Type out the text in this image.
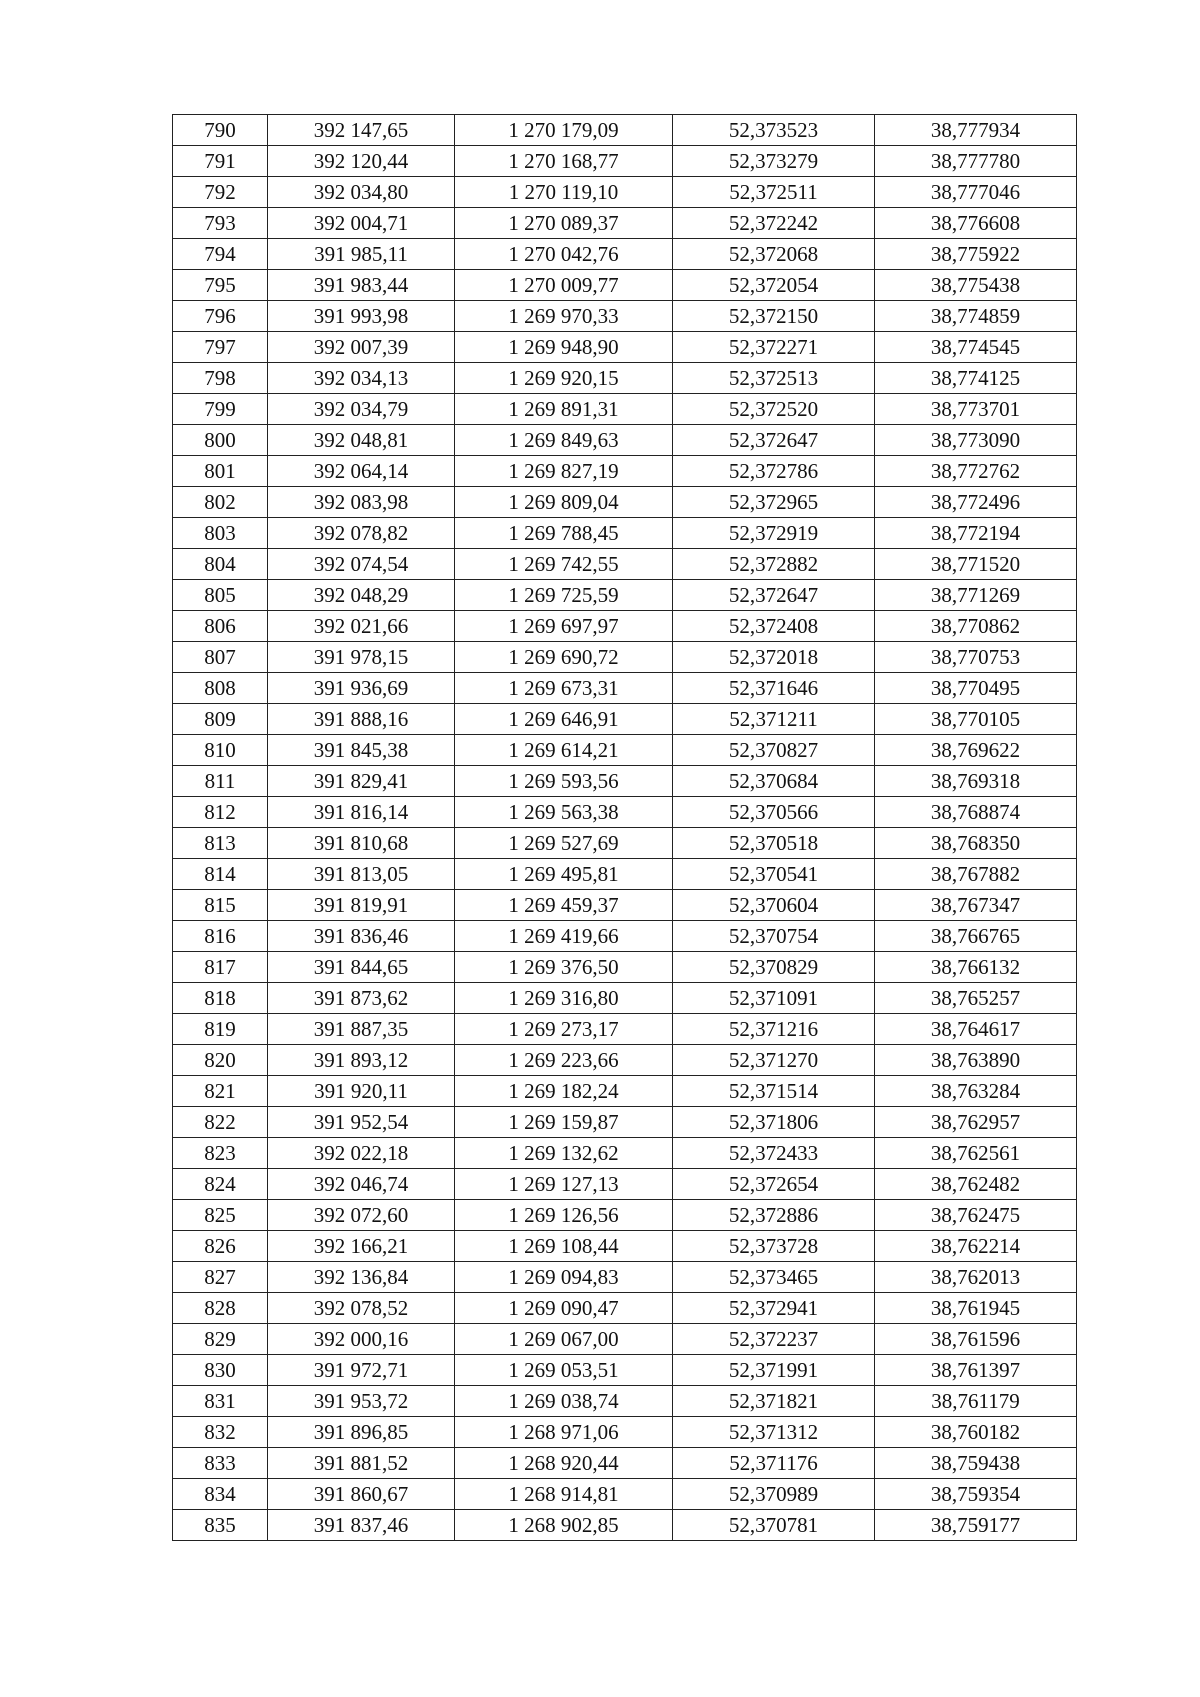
790	392 147,65	1 270 179,09	52,373523	38,777934
791	392 120,44	1 270 168,77	52,373279	38,777780
792	392 034,80	1 270 119,10	52,372511	38,777046
793	392 004,71	1 270 089,37	52,372242	38,776608
794	391 985,11	1 270 042,76	52,372068	38,775922
795	391 983,44	1 270 009,77	52,372054	38,775438
796	391 993,98	1 269 970,33	52,372150	38,774859
797	392 007,39	1 269 948,90	52,372271	38,774545
798	392 034,13	1 269 920,15	52,372513	38,774125
799	392 034,79	1 269 891,31	52,372520	38,773701
800	392 048,81	1 269 849,63	52,372647	38,773090
801	392 064,14	1 269 827,19	52,372786	38,772762
802	392 083,98	1 269 809,04	52,372965	38,772496
803	392 078,82	1 269 788,45	52,372919	38,772194
804	392 074,54	1 269 742,55	52,372882	38,771520
805	392 048,29	1 269 725,59	52,372647	38,771269
806	392 021,66	1 269 697,97	52,372408	38,770862
807	391 978,15	1 269 690,72	52,372018	38,770753
808	391 936,69	1 269 673,31	52,371646	38,770495
809	391 888,16	1 269 646,91	52,371211	38,770105
810	391 845,38	1 269 614,21	52,370827	38,769622
811	391 829,41	1 269 593,56	52,370684	38,769318
812	391 816,14	1 269 563,38	52,370566	38,768874
813	391 810,68	1 269 527,69	52,370518	38,768350
814	391 813,05	1 269 495,81	52,370541	38,767882
815	391 819,91	1 269 459,37	52,370604	38,767347
816	391 836,46	1 269 419,66	52,370754	38,766765
817	391 844,65	1 269 376,50	52,370829	38,766132
818	391 873,62	1 269 316,80	52,371091	38,765257
819	391 887,35	1 269 273,17	52,371216	38,764617
820	391 893,12	1 269 223,66	52,371270	38,763890
821	391 920,11	1 269 182,24	52,371514	38,763284
822	391 952,54	1 269 159,87	52,371806	38,762957
823	392 022,18	1 269 132,62	52,372433	38,762561
824	392 046,74	1 269 127,13	52,372654	38,762482
825	392 072,60	1 269 126,56	52,372886	38,762475
826	392 166,21	1 269 108,44	52,373728	38,762214
827	392 136,84	1 269 094,83	52,373465	38,762013
828	392 078,52	1 269 090,47	52,372941	38,761945
829	392 000,16	1 269 067,00	52,372237	38,761596
830	391 972,71	1 269 053,51	52,371991	38,761397
831	391 953,72	1 269 038,74	52,371821	38,761179
832	391 896,85	1 268 971,06	52,371312	38,760182
833	391 881,52	1 268 920,44	52,371176	38,759438
834	391 860,67	1 268 914,81	52,370989	38,759354
835	391 837,46	1 268 902,85	52,370781	38,759177
